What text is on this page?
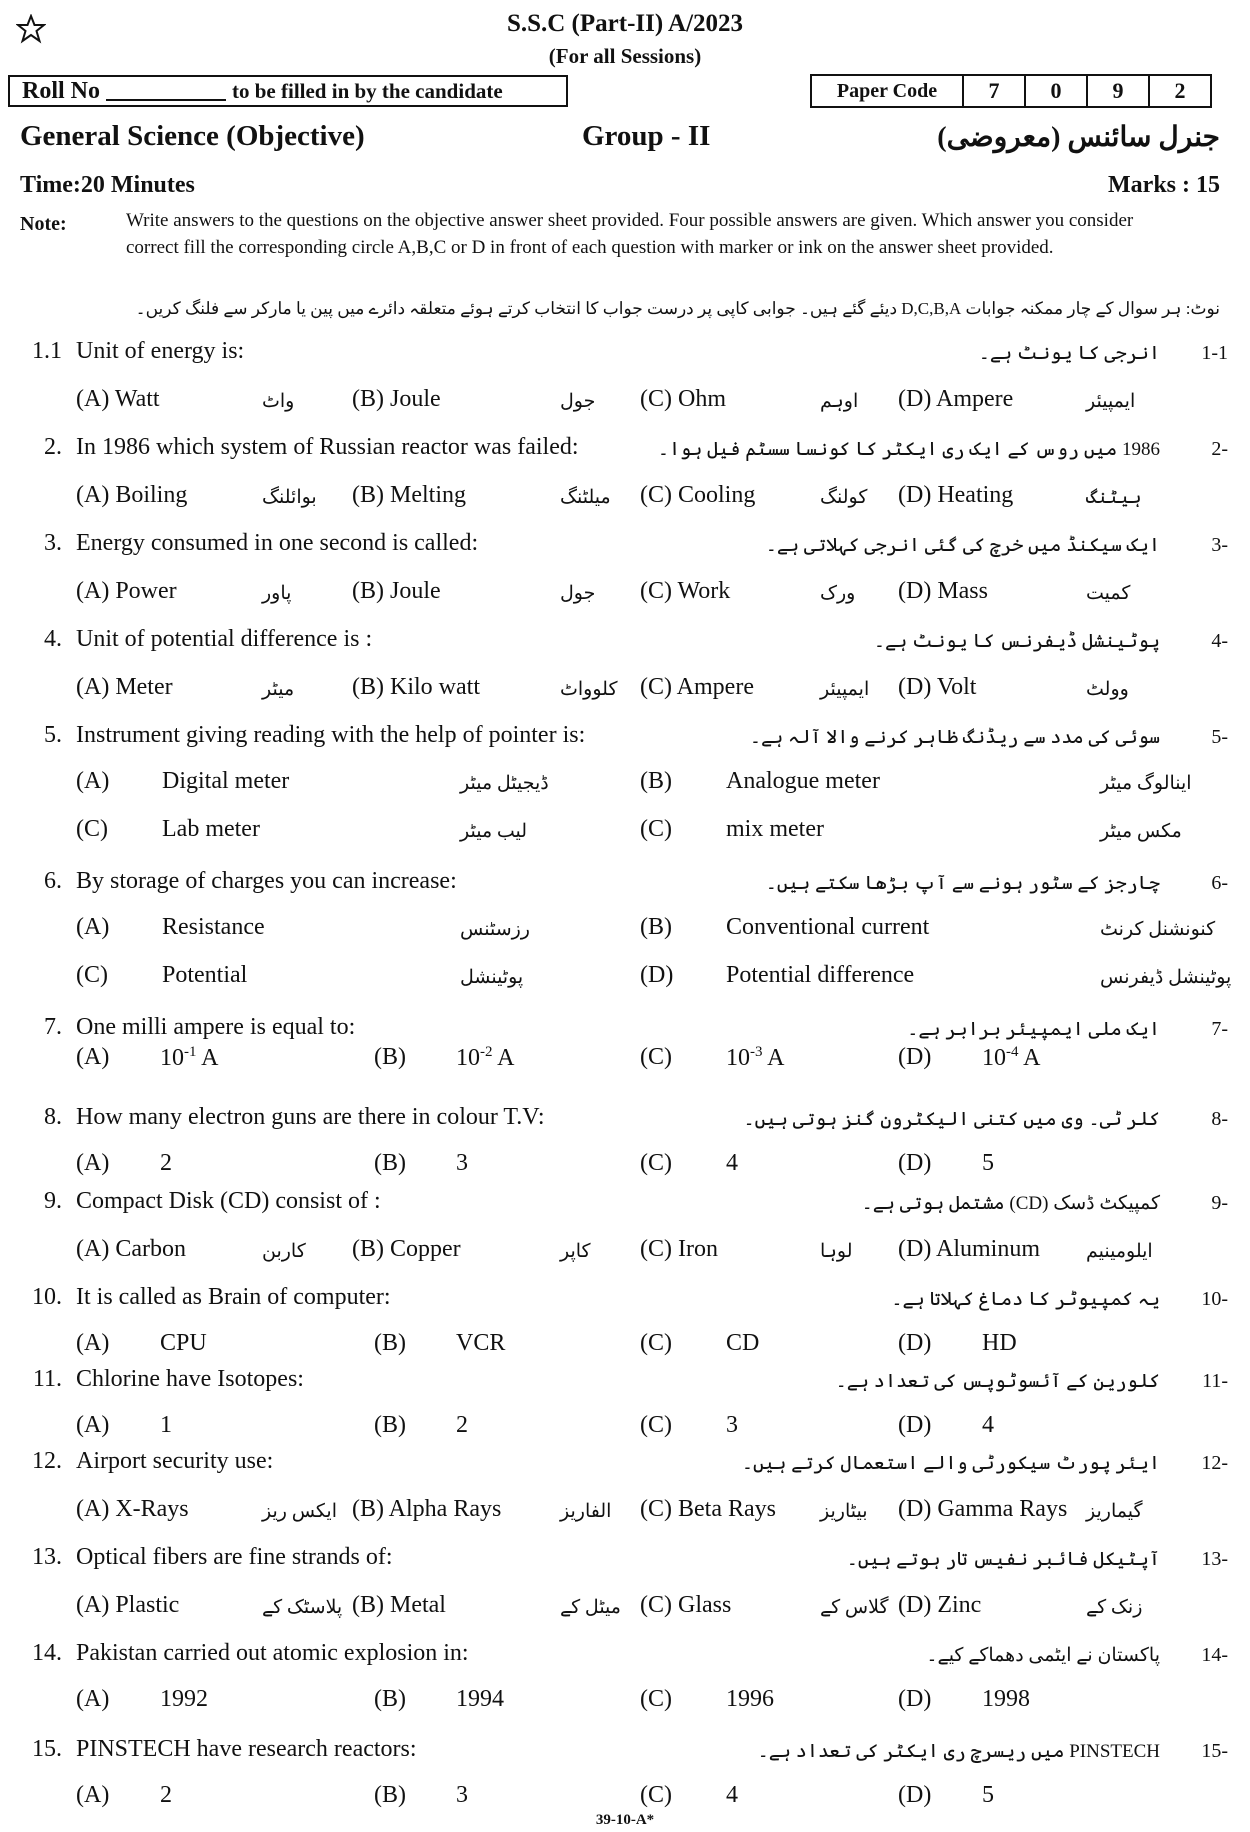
S.S.C (Part-II) A/2023
(For all Sessions)
Roll No	to be filled in by the candidate	Paper Code	7	0	9	2
General Science (Objective)	Group - II	جنرل سائنس (معروضی)
Time:20 Minutes	Marks : 15
Note:	Write answers to the questions on the objective answer sheet provided. Four possible answers are given. Which answer you consider correct fill the corresponding circle A,B,C or D in front of each question with marker or ink on the answer sheet provided.
نوٹ: ہر سوال کے چار ممکنہ جوابات D,C,B,A دیئے گئے ہیں۔ جوابی کاپی پر درست جواب کا انتخاب کرتے ہوئے متعلقہ دائرے میں پین یا مارکر سے فلنگ کریں۔
1.1 Unit of energy is:	انرجی کا یونٹ ہے۔ 1-1
(A) Watt	واٹ (B) Joule	جول (C) Ohm	اوہم (D) Ampere	ایمپیئر
2. In 1986 which system of Russian reactor was failed:	1986 میں روس کے ایک ری ایکٹر کا کونسا سسٹم فیل ہوا۔	-2
(A) Boiling	بوائلنگ (B) Melting	میلٹنگ (C) Cooling	کولنگ (D) Heating	ہیٹنگ
3. Energy consumed in one second is called:	ایک سیکنڈ میں خرچ کی گئی انرجی کہلاتی ہے۔	-3
(A) Power	پاور	(B) Joule	جول (C) Work	ورک (D) Mass	کمیت
4. Unit of potential difference is :	پوٹینشل ڈیفرنس کا یونٹ ہے۔	-4
(A) Meter	میٹر (B) Kilo watt	کلوواٹ (C) Ampere	ایمپیئر (D) Volt	وولٹ
5. Instrument giving reading with the help of pointer is:	سوئی کی مدد سے ریڈنگ ظاہر کرنے والا آلہ ہے۔	-5
(A) Digital meter	ڈیجیٹل میٹر	(B) Analogue meter	اینالوگ میٹر
(C) Lab meter	لیب میٹر	(C) mix meter	مکس میٹر
6. By storage of charges you can increase:	چارجز کے سٹور ہونے سے آپ بڑھا سکتے ہیں۔	-6
(A) Resistance	رزسٹنس	(B) Conventional current	کنونشنل کرنٹ
(C) Potential	پوٹینشل	(D) Potential difference	پوٹینشل ڈیفرنس
7. One milli ampere is equal to:	ایک ملی ایمپیئر برابر ہے۔	-7
(A) $10^{-1}$ A	(B) $10^{-2}$ A	(C) $10^{-3}$ A	(D) $10^{-4}$ A
8. How many electron guns are there in colour T.V:	کلر ٹی۔ وی میں کتنی الیکٹرون گنز ہوتی ہیں۔	-8
(A) 2	(B) 3	(C) 4	(D) 5
9. Compact Disk (CD) consist of :	کمپیکٹ ڈسک (CD) مشتمل ہوتی ہے۔	-9
(A) Carbon	کاربن (B) Copper	کاپر (C) Iron	لوہا (D) Aluminum ایلومینیم
10. It is called as Brain of computer:	یہ کمپیوٹر کا دماغ کہلاتا ہے۔ -10
(A) CPU	(B) VCR	(C) CD	(D) HD
11. Chlorine have Isotopes:	کلورین کے آئسوٹوپس کی تعداد ہے۔ -11
(A) 1	(B) 2	(C) 3	(D) 4
12. Airport security use:	ایئر پورٹ سیکورٹی والے استعمال کرتے ہیں۔ -12
(A) X-Rays	ایکس ریز (B) Alpha Rays	الفاریز (C) Beta Rays بیٹاریز (D) Gamma Rays گیماریز
13. Optical fibers are fine strands of:	آپٹیکل فائبر نفیس تار ہوتے ہیں۔ -13
(A) Plastic	پلاسٹک کے (B) Metal	میٹل کے (C) Glass	گلاس کے (D) Zinc	زنک کے
14. Pakistan carried out atomic explosion in:	پاکستان نے ایٹمی دھماکے کیے۔ -14
(A) 1992	(B) 1994	(C) 1996	(D) 1998
15. PINSTECH have research reactors:	PINSTECH میں ریسرچ ری ایکٹر کی تعداد ہے۔ -15
(A) 2	(B) 3	(C) 4	(D) 5
39-10-A*
